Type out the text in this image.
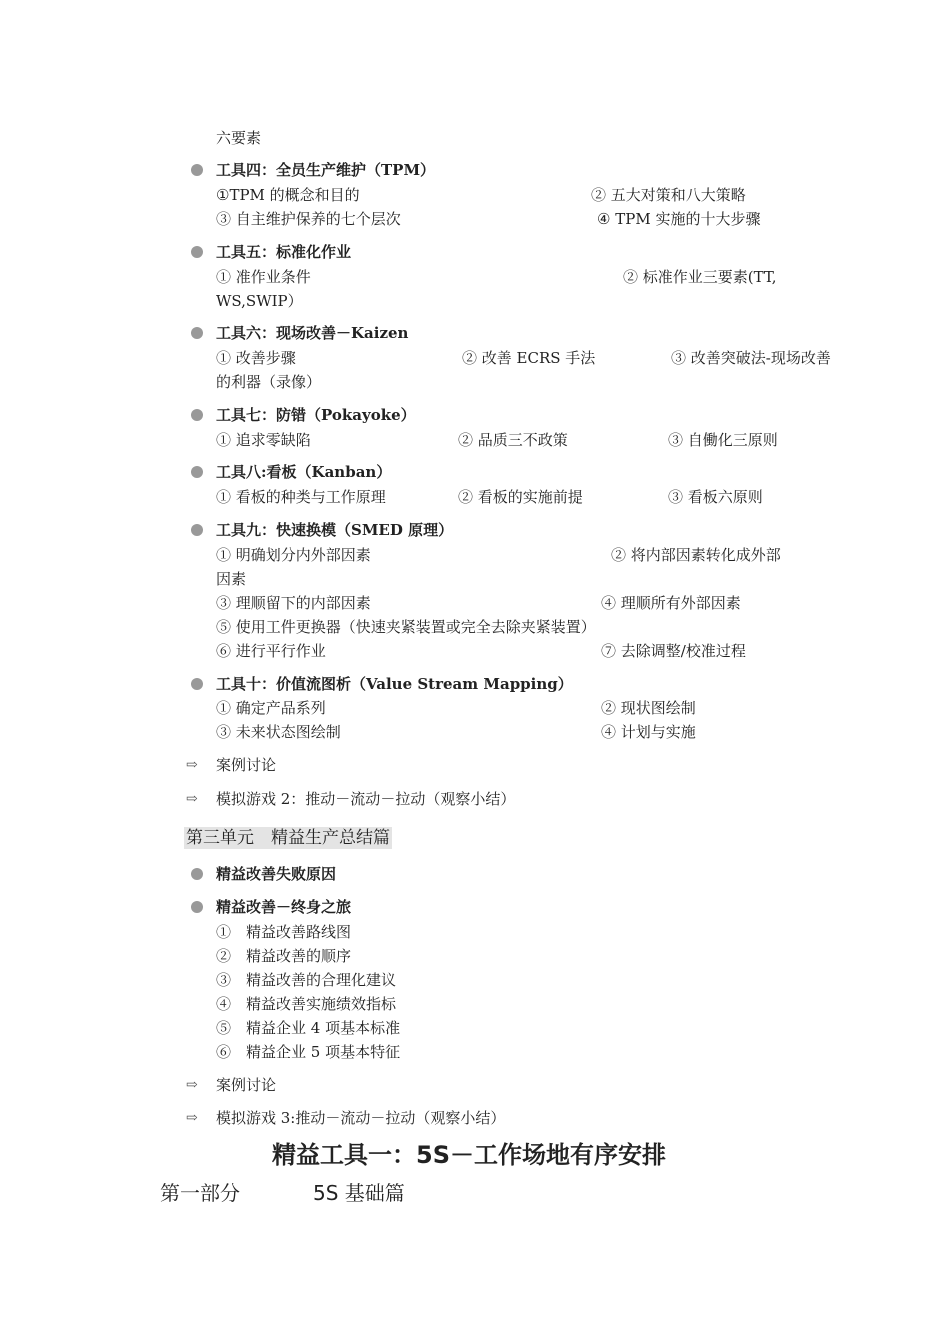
六要素
工具四：全员生产维护（TPM）
①TPM 的概念和目的	② 五大对策和八大策略
③ 自主维护保养的七个层次	④ TPM 实施的十大步骤
工具五：标准化作业
① 准作业条件	② 标准作业三要素(TT,
WS,SWIP）
工具六：现场改善－Kaizen
① 改善步骤	② 改善 ECRS 手法	③ 改善突破法-现场改善
的利器（录像）
工具七：防错（Pokayoke）
① 追求零缺陷	② 品质三不政策	③ 自働化三原则
工具八:看板（Kanban）
① 看板的种类与工作原理	② 看板的实施前提	③ 看板六原则
工具九：快速换模（SMED 原理）
① 明确划分内外部因素	② 将内部因素转化成外部
因素
③ 理顺留下的内部因素	④ 理顺所有外部因素
⑤ 使用工件更换器（快速夹紧装置或完全去除夹紧装置）
⑥ 进行平行作业	⑦ 去除调整/校准过程
工具十：价值流图析（Value Stream Mapping）
① 确定产品系列	② 现状图绘制
③ 未来状态图绘制	④ 计划与实施
⇨ 案例讨论
⇨ 模拟游戏 2：推动－流动－拉动（观察小结）
第三单元　精益生产总结篇
精益改善失败原因
精益改善－终身之旅
①　精益改善路线图
②　精益改善的顺序
③　精益改善的合理化建议
④　精益改善实施绩效指标
⑤　精益企业 4 项基本标准
⑥　精益企业 5 项基本特征
⇨ 案例讨论
⇨ 模拟游戏 3:推动－流动－拉动（观察小结）
精益工具一：5S－工作场地有序安排
第一部分	5S 基础篇
